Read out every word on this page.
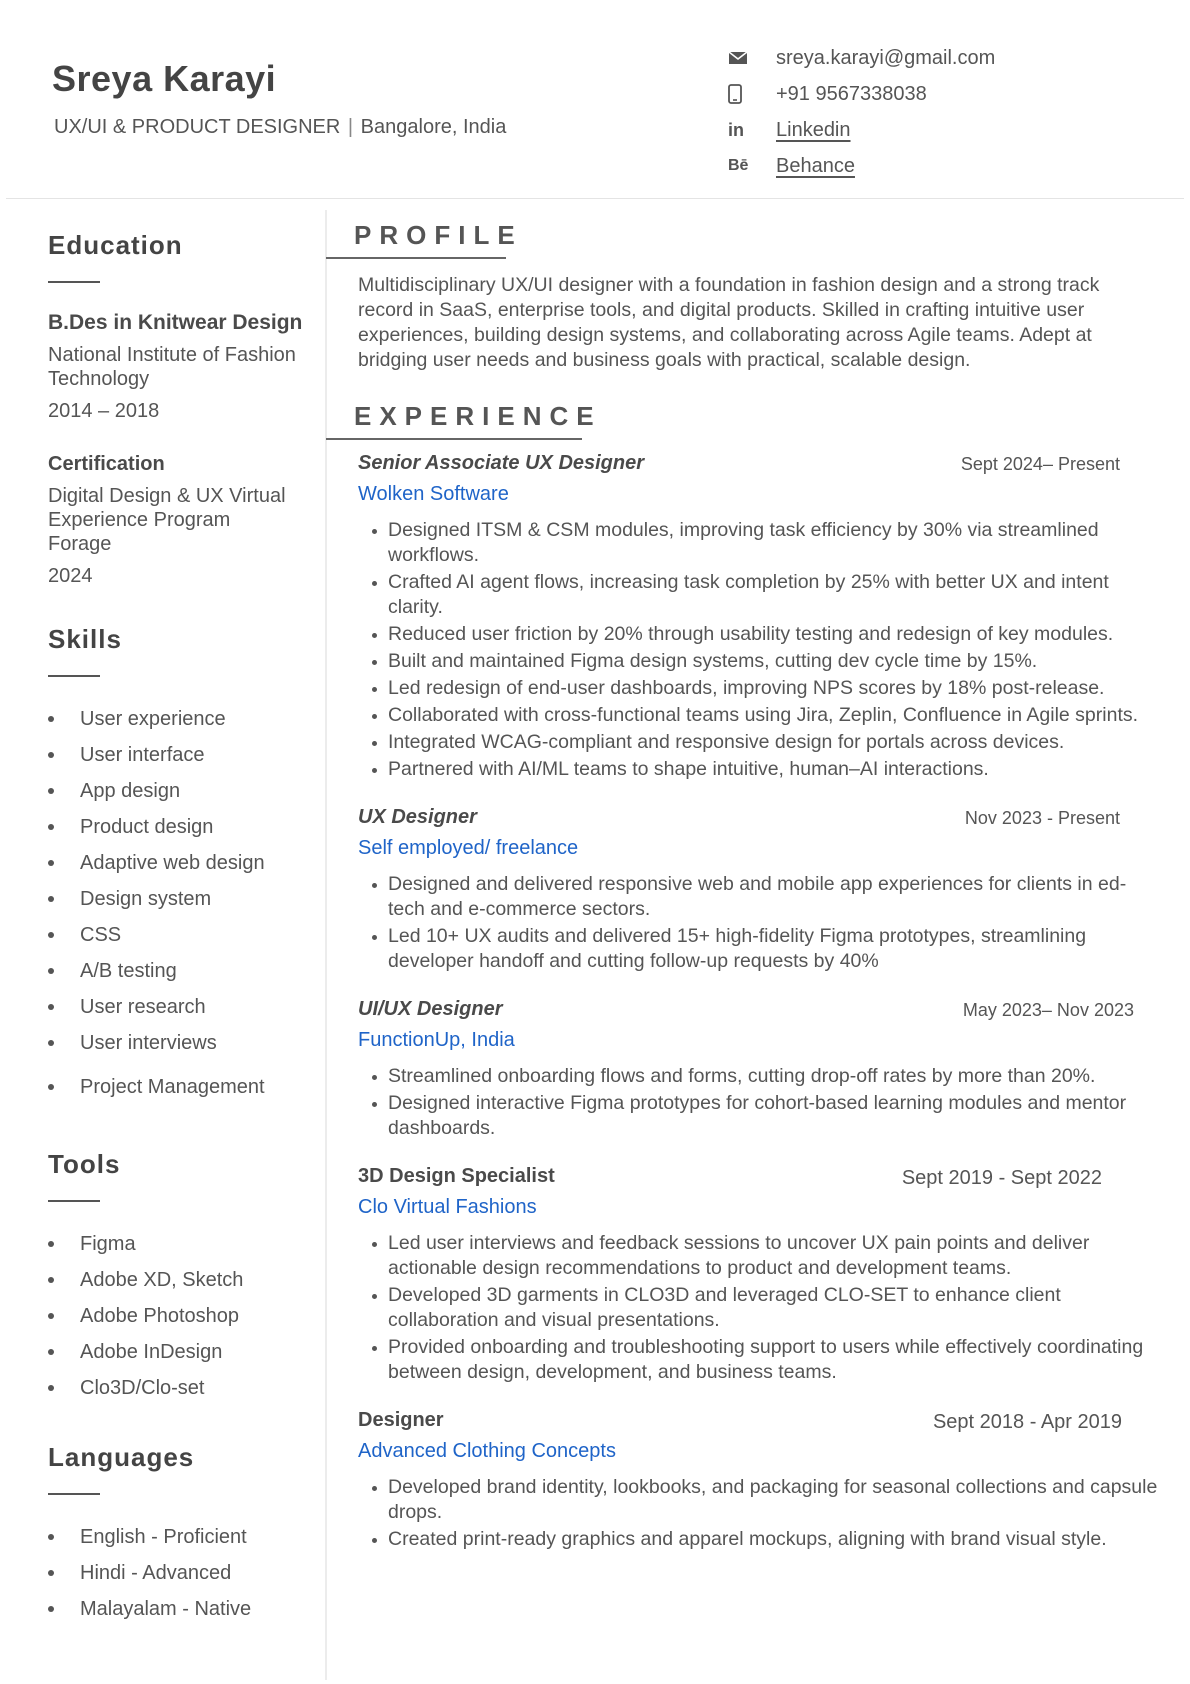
Sreya Karayi
UX/UI & PRODUCT DESIGNER | Bangalore, India
sreya.karayi@gmail.com
+91 9567338038
in	Linkedin
Bē	Behance
Education
B.Des in Knitwear Design
National Institute of Fashion Technology
2014 – 2018
Certification
Digital Design & UX Virtual Experience Program
Forage
2024
Skills
User experience
User interface
App design
Product design
Adaptive web design
Design system
CSS
A/B testing
User research
User interviews
Project Management
Tools
Figma
Adobe XD, Sketch
Adobe Photoshop
Adobe InDesign
Clo3D/Clo-set
Languages
English - Proficient
Hindi - Advanced
Malayalam - Native
PROFILE
Multidisciplinary UX/UI designer with a foundation in fashion design and a strong track record in SaaS, enterprise tools, and digital products. Skilled in crafting intuitive user experiences, building design systems, and collaborating across Agile teams. Adept at bridging user needs and business goals with practical, scalable design.
EXPERIENCE
Senior Associate UX Designer	Sept 2024– Present
Wolken Software
Designed ITSM & CSM modules, improving task efficiency by 30% via streamlined workflows.
Crafted AI agent flows, increasing task completion by 25% with better UX and intent clarity.
Reduced user friction by 20% through usability testing and redesign of key modules.
Built and maintained Figma design systems, cutting dev cycle time by 15%.
Led redesign of end-user dashboards, improving NPS scores by 18% post-release.
Collaborated with cross-functional teams using Jira, Zeplin, Confluence in Agile sprints.
Integrated WCAG-compliant and responsive design for portals across devices.
Partnered with AI/ML teams to shape intuitive, human–AI interactions.
UX Designer	Nov 2023 - Present
Self employed/ freelance
Designed and delivered responsive web and mobile app experiences for clients in ed-tech and e-commerce sectors.
Led 10+ UX audits and delivered 15+ high-fidelity Figma prototypes, streamlining developer handoff and cutting follow-up requests by 40%
UI/UX Designer	May 2023– Nov 2023
FunctionUp, India
Streamlined onboarding flows and forms, cutting drop-off rates by more than 20%.
Designed interactive Figma prototypes for cohort-based learning modules and mentor dashboards.
3D Design Specialist	Sept 2019 - Sept 2022
Clo Virtual Fashions
Led user interviews and feedback sessions to uncover UX pain points and deliver actionable design recommendations to product and development teams.
Developed 3D garments in CLO3D and leveraged CLO-SET to enhance client collaboration and visual presentations.
Provided onboarding and troubleshooting support to users while effectively coordinating between design, development, and business teams.
Designer	Sept 2018 - Apr 2019
Advanced Clothing Concepts
Developed brand identity, lookbooks, and packaging for seasonal collections and capsule drops.
Created print-ready graphics and apparel mockups, aligning with brand visual style.
